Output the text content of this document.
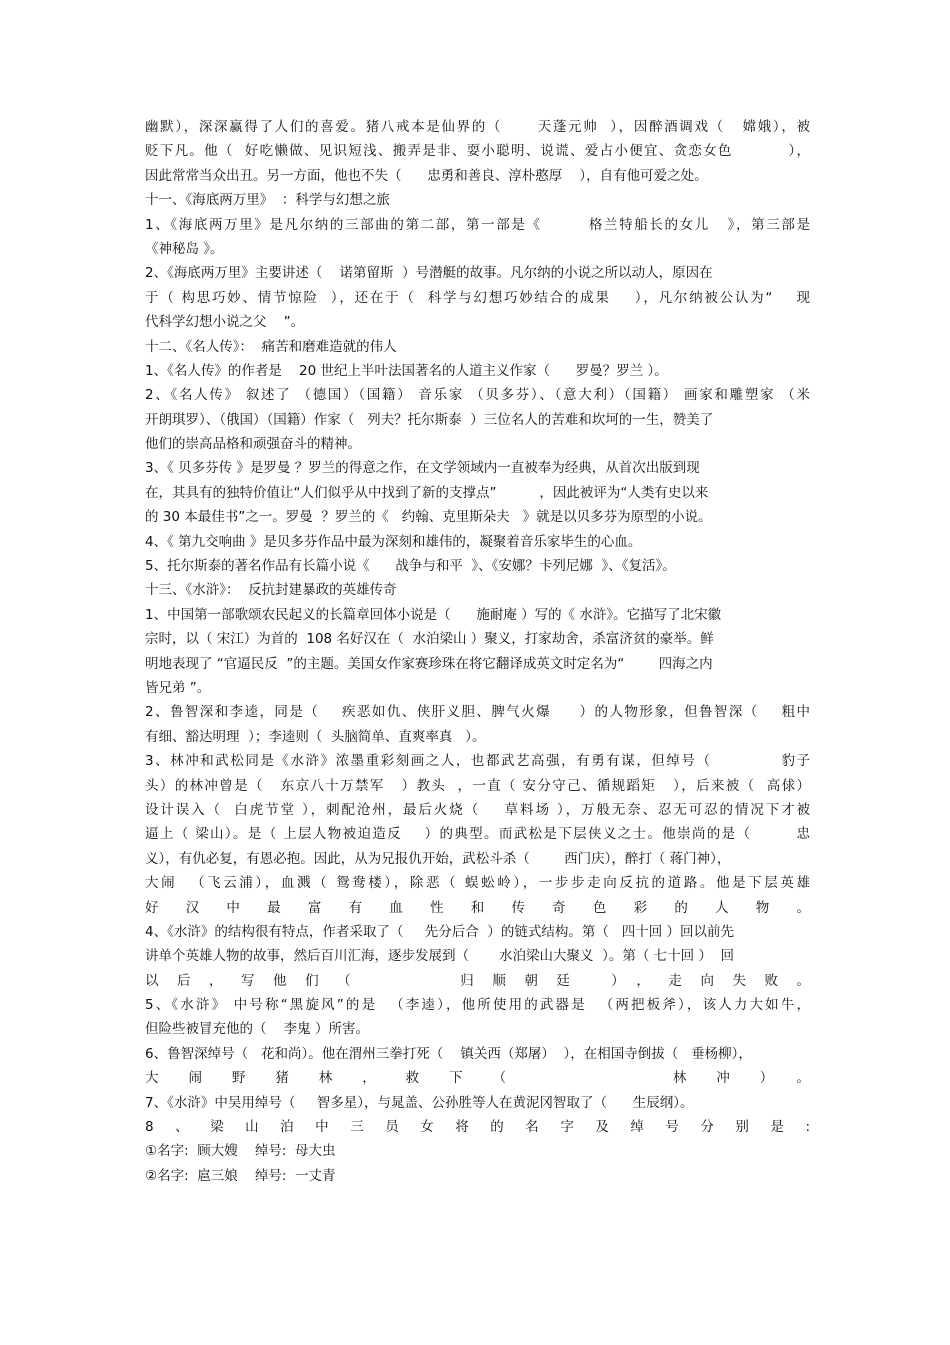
幽默），深深赢得了人们的喜爱。猪八戒本是仙界的（      天蓬元帅  ），因醉酒调戏（   嫦娥），被
贬下凡。他（  好吃懒做、见识短浅、搬弄是非、耍小聪明、说谎、爱占小便宜、贪恋女色          ），
因此常常当众出丑。另一方面，他也不失（      忠勇和善良、淳朴憨厚    ），自有他可爱之处。
十一、《海底两万里》  ：科学与幻想之旅
1、《海底两万里》是凡尔纳的三部曲的第二部，第一部是《        格兰特船长的女儿   》，第三部是
《神秘岛 》。
2、《海底两万里》主要讲述（    诺第留斯  ）号潜艇的故事。凡尔纳的小说之所以动人，原因在
于（ 构思巧妙、情节惊险  ），还在于（  科学与幻想巧妙结合的成果    ），凡尔纳被公认为“    现
代科学幻想小说之父    ”。
十二、《名人传》：  痛苦和磨难造就的伟人
1、《名人传》的作者是    20 世纪上半叶法国著名的人道主义作家（      罗曼？罗兰 ）。
2、《名人传》 叙述了 （德国）（国籍） 音乐家 （贝多芬）、（意大利）（国籍） 画家和雕塑家 （米
开朗琪罗）、（俄国）（国籍）作家（   列夫？托尔斯泰  ）三位名人的苦难和坎坷的一生，赞美了
他们的崇高品格和顽强奋斗的精神。
3、《 贝多芬传 》是罗曼 ？罗兰的得意之作，在文学领域内一直被奉为经典，从首次出版到现
在，其具有的独特价值让“人们似乎从中找到了新的支撑点”          ，因此被评为“人类有史以来
的 30 本最佳书”之一。罗曼  ？罗兰的《   约翰、克里斯朵夫   》就是以贝多芬为原型的小说。
4、《 第九交响曲 》是贝多芬作品中最为深刻和雄伟的，凝聚着音乐家毕生的心血。
5、托尔斯泰的著名作品有长篇小说《      战争与和平  》、《安娜？卡列尼娜  》、《复活》。
十三、《水浒》：  反抗封建暴政的英雄传奇
1、中国第一部歌颂农民起义的长篇章回体小说是（      施耐庵 ）写的《 水浒》。它描写了北宋徽
宗时，以（ 宋江）为首的  108 名好汉在（  水泊梁山 ）聚义，打家劫舍，杀富济贫的豪举。鲜
明地表现了 “官逼民反  ”的主题。美国女作家赛珍珠在将它翻译成英文时定名为“        四海之内
皆兄弟 ”。
2、鲁智深和李逵，同是（    疾恶如仇、侠肝义胆、脾气火爆     ）的人物形象，但鲁智深（    粗中
有细、豁达明理  ）；李逵则（  头脑简单、直爽率真   ）。
3、林冲和武松同是《水浒》浓墨重彩刻画之人，也都武艺高强，有勇有谋，但绰号（            豹子
头）的林冲曾是（   东京八十万禁军   ）教头  ，一直（ 安分守己、循规蹈矩   ），后来被（  高俅）
设计误入（  白虎节堂 ），刺配沧州，最后火烧（    草料场 ），万般无奈、忍无可忍的情况下才被
逼上（ 梁山）。是（ 上层人物被迫造反    ）的典型。而武松是下层侠义之士。他崇尚的是（        忠
义），有仇必复，有恩必抱。因此，从为兄报仇开始，武松斗杀（        西门庆），醉打（ 蒋门神），
大闹  （飞云浦），血溅（ 鸳鸯楼），除恶（ 蜈蚣岭），一步步走向反抗的道路。他是下层英雄
好汉中最富有血性和传奇色彩的人物。
4、《水浒》的结构很有特点，作者采取了（     先分后合  ）的链式结构。第（   四十回 ）回以前先
讲单个英雄人物的故事，然后百川汇海，逐步发展到（       水泊梁山大聚义  ）。第（ 七十回 ）  回
以后，写他们（    归顺朝廷 ），走向失败。
5、《水浒》 中号称“黑旋风”的是  （李逵），他所使用的武器是  （两把板斧），该人力大如牛，
但险些被冒充他的（    李鬼 ）所害。
6、鲁智深绰号（   花和尚）。他在渭州三拳打死（    镇关西（郑屠）  ），在相国寺倒拔（   垂杨柳），
大闹野猪林，救下（    林冲）。
7、《水浒》中吴用绰号（     智多星），与晁盖、公孙胜等人在黄泥冈智取了（      生辰纲）。
8、梁山泊中三员女将的名字及绰号分别是:
①名字:  顾大嫂    绰号:  母大虫
②名字:  扈三娘    绰号:  一丈青
